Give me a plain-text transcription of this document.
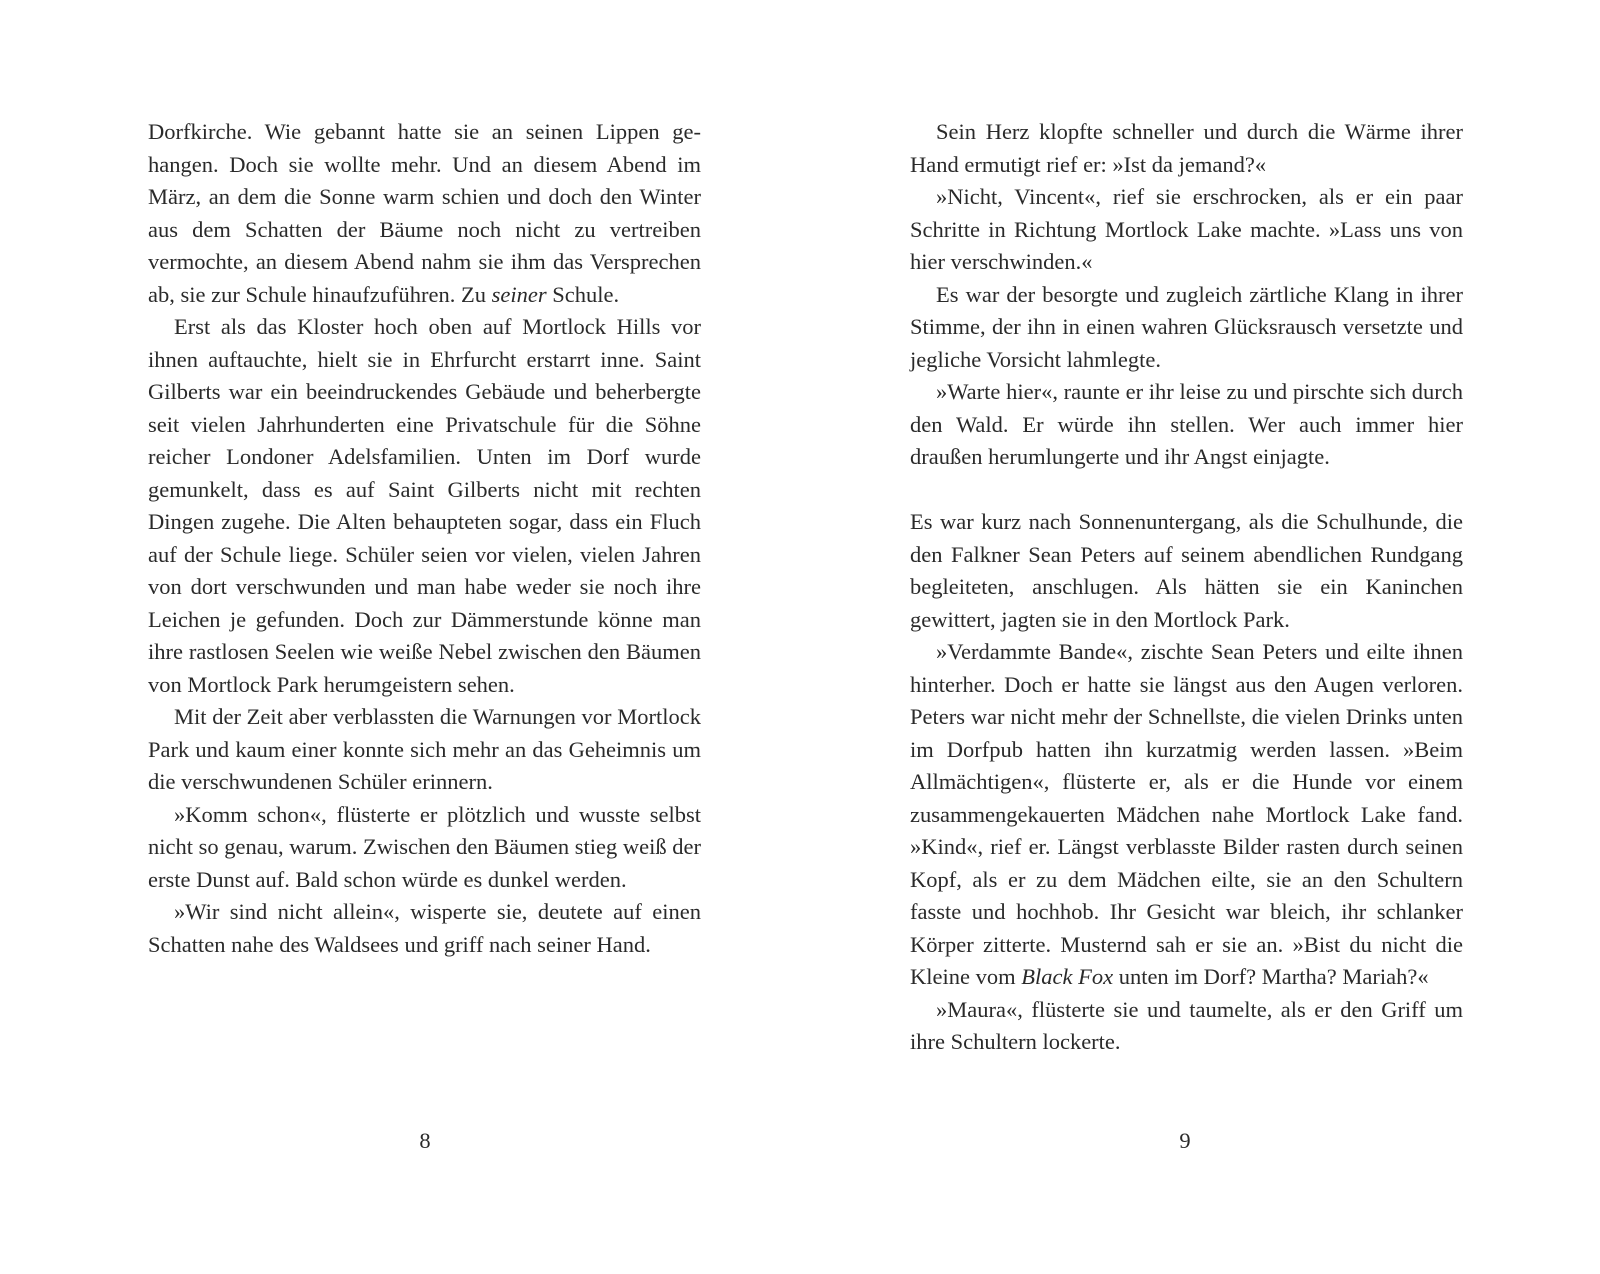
Dorfkirche. Wie gebannt hatte sie an seinen Lippen gehangen. Doch sie wollte mehr. Und an diesem Abend im März, an dem die Sonne warm schien und doch den Winter aus dem Schatten der Bäume noch nicht zu vertreiben vermochte, an diesem Abend nahm sie ihm das Versprechen ab, sie zur Schule hinaufzuführen. Zu seiner Schule.

Erst als das Kloster hoch oben auf Mortlock Hills vor ihnen auftauchte, hielt sie in Ehrfurcht erstarrt inne. Saint Gilberts war ein beeindruckendes Gebäude und beherbergte seit vielen Jahrhunderten eine Privatschule für die Söhne reicher Londoner Adelsfamilien. Unten im Dorf wurde gemunkelt, dass es auf Saint Gilberts nicht mit rechten Dingen zugehe. Die Alten behaupteten sogar, dass ein Fluch auf der Schule liege. Schüler seien vor vielen, vielen Jahren von dort verschwunden und man habe weder sie noch ihre Leichen je gefunden. Doch zur Dämmerstunde könne man ihre rastlosen Seelen wie weiße Nebel zwischen den Bäumen von Mortlock Park herumgeistern sehen.

Mit der Zeit aber verblassten die Warnungen vor Mortlock Park und kaum einer konnte sich mehr an das Geheimnis um die verschwundenen Schüler erinnern.

»Komm schon«, flüsterte er plötzlich und wusste selbst nicht so genau, warum. Zwischen den Bäumen stieg weiß der erste Dunst auf. Bald schon würde es dunkel werden.

»Wir sind nicht allein«, wisperte sie, deutete auf einen Schatten nahe des Waldsees und griff nach seiner Hand.

8

Sein Herz klopfte schneller und durch die Wärme ihrer Hand ermutigt rief er: »Ist da jemand?«

»Nicht, Vincent«, rief sie erschrocken, als er ein paar Schritte in Richtung Mortlock Lake machte. »Lass uns von hier verschwinden.«

Es war der besorgte und zugleich zärtliche Klang in ihrer Stimme, der ihn in einen wahren Glücksrausch versetzte und jegliche Vorsicht lahmlegte.

»Warte hier«, raunte er ihr leise zu und pirschte sich durch den Wald. Er würde ihn stellen. Wer auch immer hier draußen herumlungerte und ihr Angst einjagte.

Es war kurz nach Sonnenuntergang, als die Schulhunde, die den Falkner Sean Peters auf seinem abendlichen Rundgang begleiteten, anschlugen. Als hätten sie ein Kaninchen gewittert, jagten sie in den Mortlock Park.

»Verdammte Bande«, zischte Sean Peters und eilte ihnen hinterher. Doch er hatte sie längst aus den Augen verloren. Peters war nicht mehr der Schnellste, die vielen Drinks unten im Dorfpub hatten ihn kurzatmig werden lassen. »Beim Allmächtigen«, flüsterte er, als er die Hunde vor einem zusammengekauerten Mädchen nahe Mortlock Lake fand. »Kind«, rief er. Längst verblasste Bilder rasten durch seinen Kopf, als er zu dem Mädchen eilte, sie an den Schultern fasste und hochhob. Ihr Gesicht war bleich, ihr schlanker Körper zitterte. Musternd sah er sie an. »Bist du nicht die Kleine vom Black Fox unten im Dorf? Martha? Mariah?«

»Maura«, flüsterte sie und taumelte, als er den Griff um ihre Schultern lockerte.

9
